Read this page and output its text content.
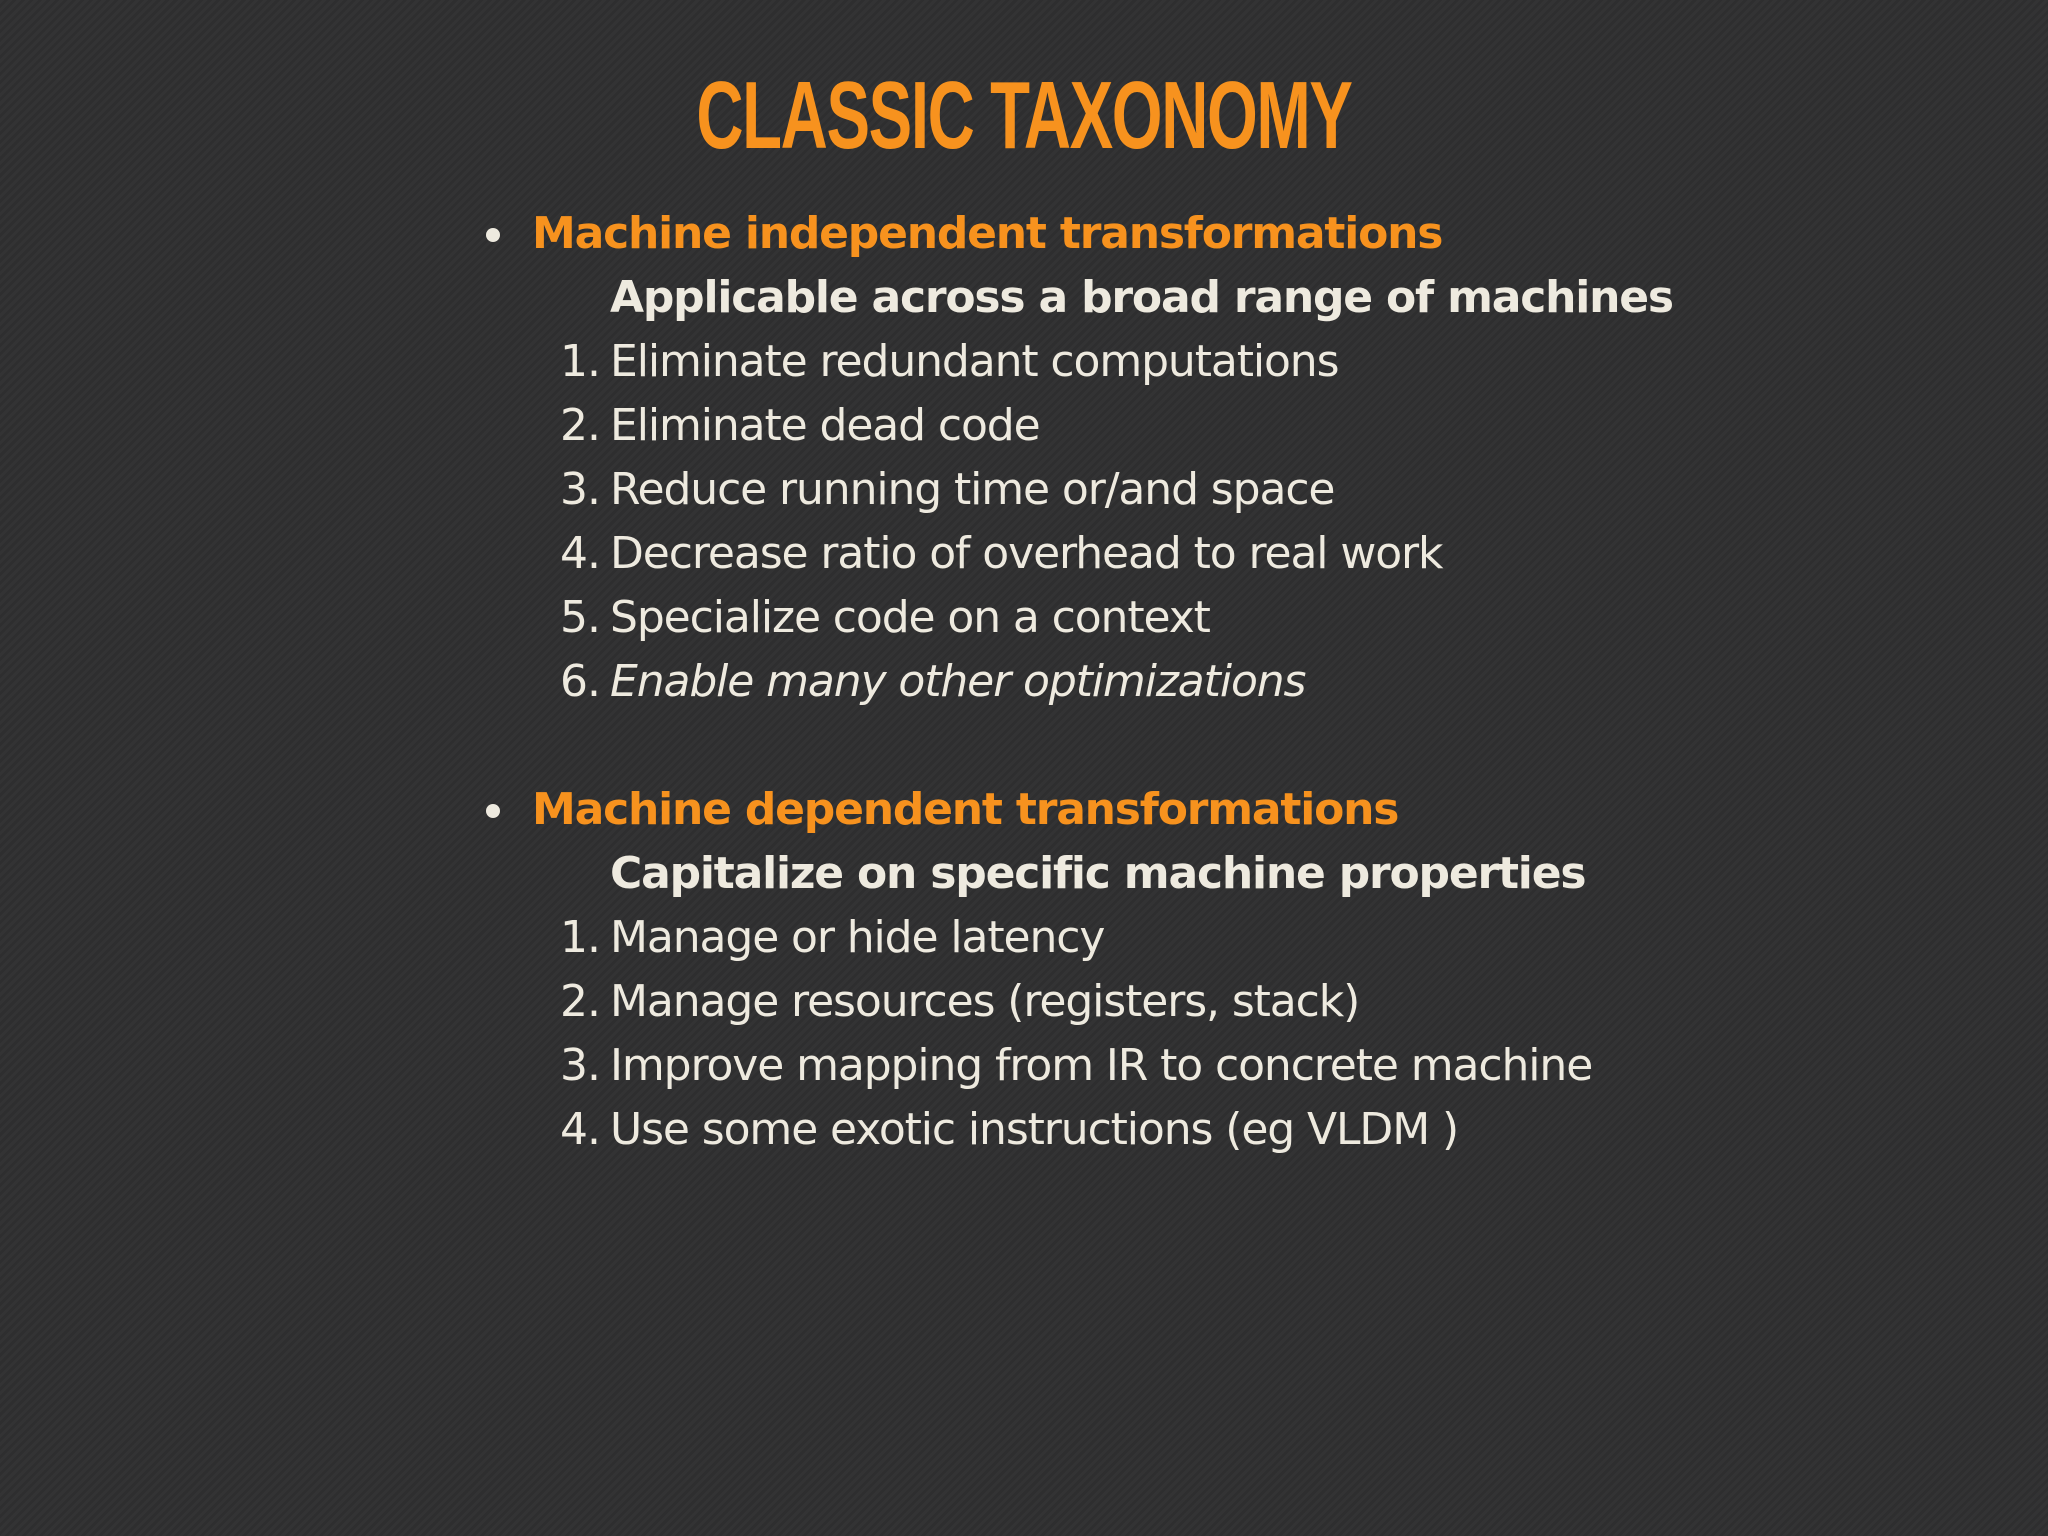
CLASSIC TAXONOMY
Machine independent transformations
Applicable across a broad range of machines
1. Eliminate redundant computations
2. Eliminate dead code
3. Reduce running time or/and space
4. Decrease ratio of overhead to real work
5. Specialize code on a context
6. Enable many other optimizations
Machine dependent transformations
Capitalize on specific machine properties
1. Manage or hide latency
2. Manage resources (registers, stack)
3. Improve mapping from IR to concrete machine
4. Use some exotic instructions (eg VLDM )
